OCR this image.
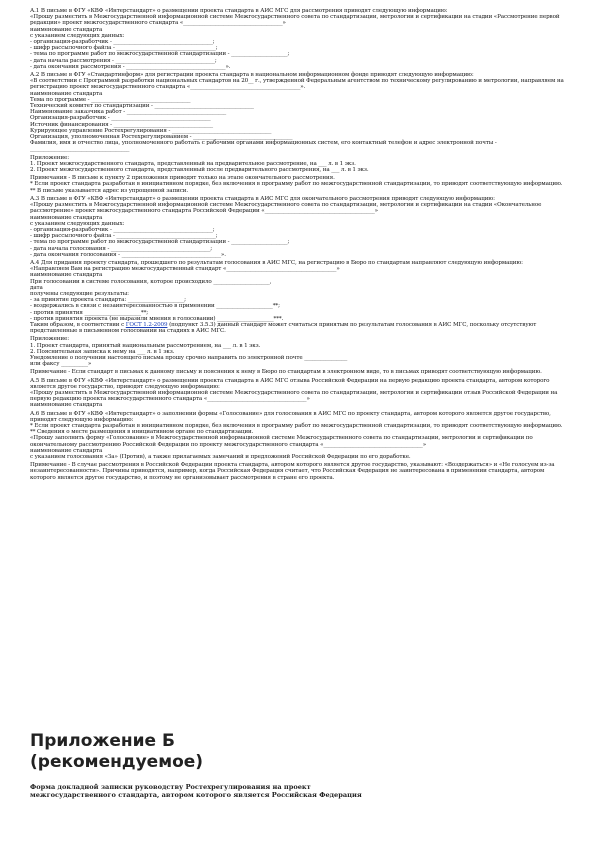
А.1 В письме в ФГУ «КВФ «Интерстандарт» о размещении проекта стандарта в АИС МГС для рассмотрения приводят следующую информацию:

«Прошу разместить в Межгосударственной информационной системе Межгосударственного совета по стандартизации, метрологии и сертификации на стадии «Рассмотрение первой редакции» проект межгосударственного стандарта «_____________________________________»

наименование стандарта

с указанием следующих данных:

- организация-разработчик - _____________________________________;

- шифр рассылочного файла - _____________________________________;

- тема по программе работ по межгосударственной стандартизации - _____________________;

- дата начала рассмотрения - _____________________________________;

- дата окончания рассмотрения - _____________________________________».

А.2 В письме в ФГУ «Стандартинформ» для регистрации проекта стандарта в национальном информационном фонде приводят следующую информацию:

«В соответствии с Программой разработки национальных стандартов на 20__ г., утвержденной Федеральным агентством по техническому регулированию и метрологии, направляем на регистрацию проект межгосударственного стандарта «_________________________________________».

наименование стандарта

Тема по программе - _____________________________________

Технический комитет по стандартизации - _____________________________________

Наименование заказчика работ - _____________________________________

Организация-разработчик - _____________________________________

Источник финансирования - _____________________________________

Курирующее управление Ростехрегулирования - _____________________________________

Организация, уполномоченная Ростехрегулированием - _____________________________________

Фамилия, имя и отчество лица, уполномоченного работать с рабочими органами информационных систем, его контактный телефон и адрес электронной почты - _____________________________________

Приложение:

1. Проект межгосударственного стандарта, представленный на предварительное рассмотрение, на ___ л. в 1 экз.

2. Проект межгосударственного стандарта, представленный после предварительного рассмотрения, на ___ л. в 1 экз.

Примечания - В письме к пункту 2 приложения приводят только на этапе окончательного рассмотрения.

* Если проект стандарта разработан в инициативном порядке, без включения в программу работ по межгосударственной стандартизации, то приводят соответствующую информацию.

** В письме указывается адрес из упрощенной записи.

А.3 В письме в ФГУ «КВФ «Интерстандарт» о размещении проекта стандарта в АИС МГС для окончательного рассмотрения приводят следующую информацию:

«Прошу разместить в Межгосударственной информационной системе Межгосударственного совета по стандартизации, метрологии и сертификации на стадии «Окончательное рассмотрение» проект межгосударственного стандарта Российской Федерации «_________________________________________»

наименование стандарта

с указанием следующих данных:

- организация-разработчик - _____________________________________;

- шифр рассылочного файла - _____________________________________;

- тема по программе работ по межгосударственной стандартизации - _____________________;

- дата начала голосования - _____________________________________;

- дата окончания голосования - _____________________________________».

А.4 Для придания проекту стандарта, прошедшего по результатам голосования в АИС МГС, на регистрацию в Бюро по стандартам направляют следующую информацию:

«Направляем Вам на регистрацию межгосударственный стандарт «_________________________________________»

наименование стандарта

При голосовании в системе голосования, которое происходило _____________________,

дата

получены следующие результаты:

- за принятие проекта стандарта: _____________________;

- воздержались в связи с незаинтересованностью в применении _____________________**;

- против принятия _____________________**;

- против принятия проекта (не выразили мнения в голосовании) _____________________***.

Таким образом, в соответствии с ГОСТ 1.2-2009 (подпункт 3.5.3) данный стандарт может считаться принятым по результатам голосования в АИС МГС, поскольку отсутствуют представленные в письменном голосовании на стадиях в АИС МГС.

Приложение:

1. Проект стандарта, принятый национальным рассмотрением, на ___ л. в 1 экз.

2. Пояснительная записка к нему на ___ л. в 1 экз.

Уведомление о получении настоящего письма прошу срочно направить по электронной почте ________________

или факсу __________»

Примечание - Если стандарт в письмах к данному письму и пояснения к нему в Бюро по стандартам в электронном виде, то в письмах приводят соответствующую информацию.

А.5 В письме в ФГУ «КВФ «Интерстандарт» о размещении проекта стандарта в АИС МГС отзыва Российской Федерации на первую редакцию проекта стандарта, автором которого является другое государство, приводят следующую информацию:

«Прошу разместить в Межгосударственной информационной системе Межгосударственного совета по стандартизации, метрологии и сертификации отзыв Российской Федерации на первую редакцию проекта межгосударственного стандарта «_____________________________________»

наименование стандарта

А.6 В письме в ФГУ «КВФ «Интерстандарт» о заполнении формы «Голосование» для голосования в АИС МГС по проекту стандарта, автором которого является другое государство, приводят следующую информацию:

* Если проект стандарта разработан в инициативном порядке, без включения в программу работ по межгосударственной стандартизации, то приводят соответствующую информацию.

** Сведения о месте размещения в инициативном органе по стандартизации.

«Прошу заполнить форму «Голосование» в Межгосударственной информационной системе Межгосударственного совета по стандартизации, метрологии и сертификации по окончательному рассмотрению Российской Федерации по проекту межгосударственного стандарта «_____________________________________»

наименование стандарта

с указанием голосования «За» (Против), а также прилагаемых замечаний и предложений Российской Федерации по его доработке.

Примечание - В случае рассмотрения в Российской Федерации проекта стандарта, автором которого является другое государство, указывают: «Воздержаться» и «Не голосуем из-за незаинтересованности». Причины приводятся, например, когда Российская Федерация считает, что Российская Федерация не заинтересована в применении стандарта, автором которого является другое государство, и поэтому не организовывает рассмотрения в стране его проекта.

Приложение Б
(рекомендуемое)

Форма докладной записки руководству Ростехрегулирования на проект
межгосударственного стандарта, автором которого является Российская Федерация
